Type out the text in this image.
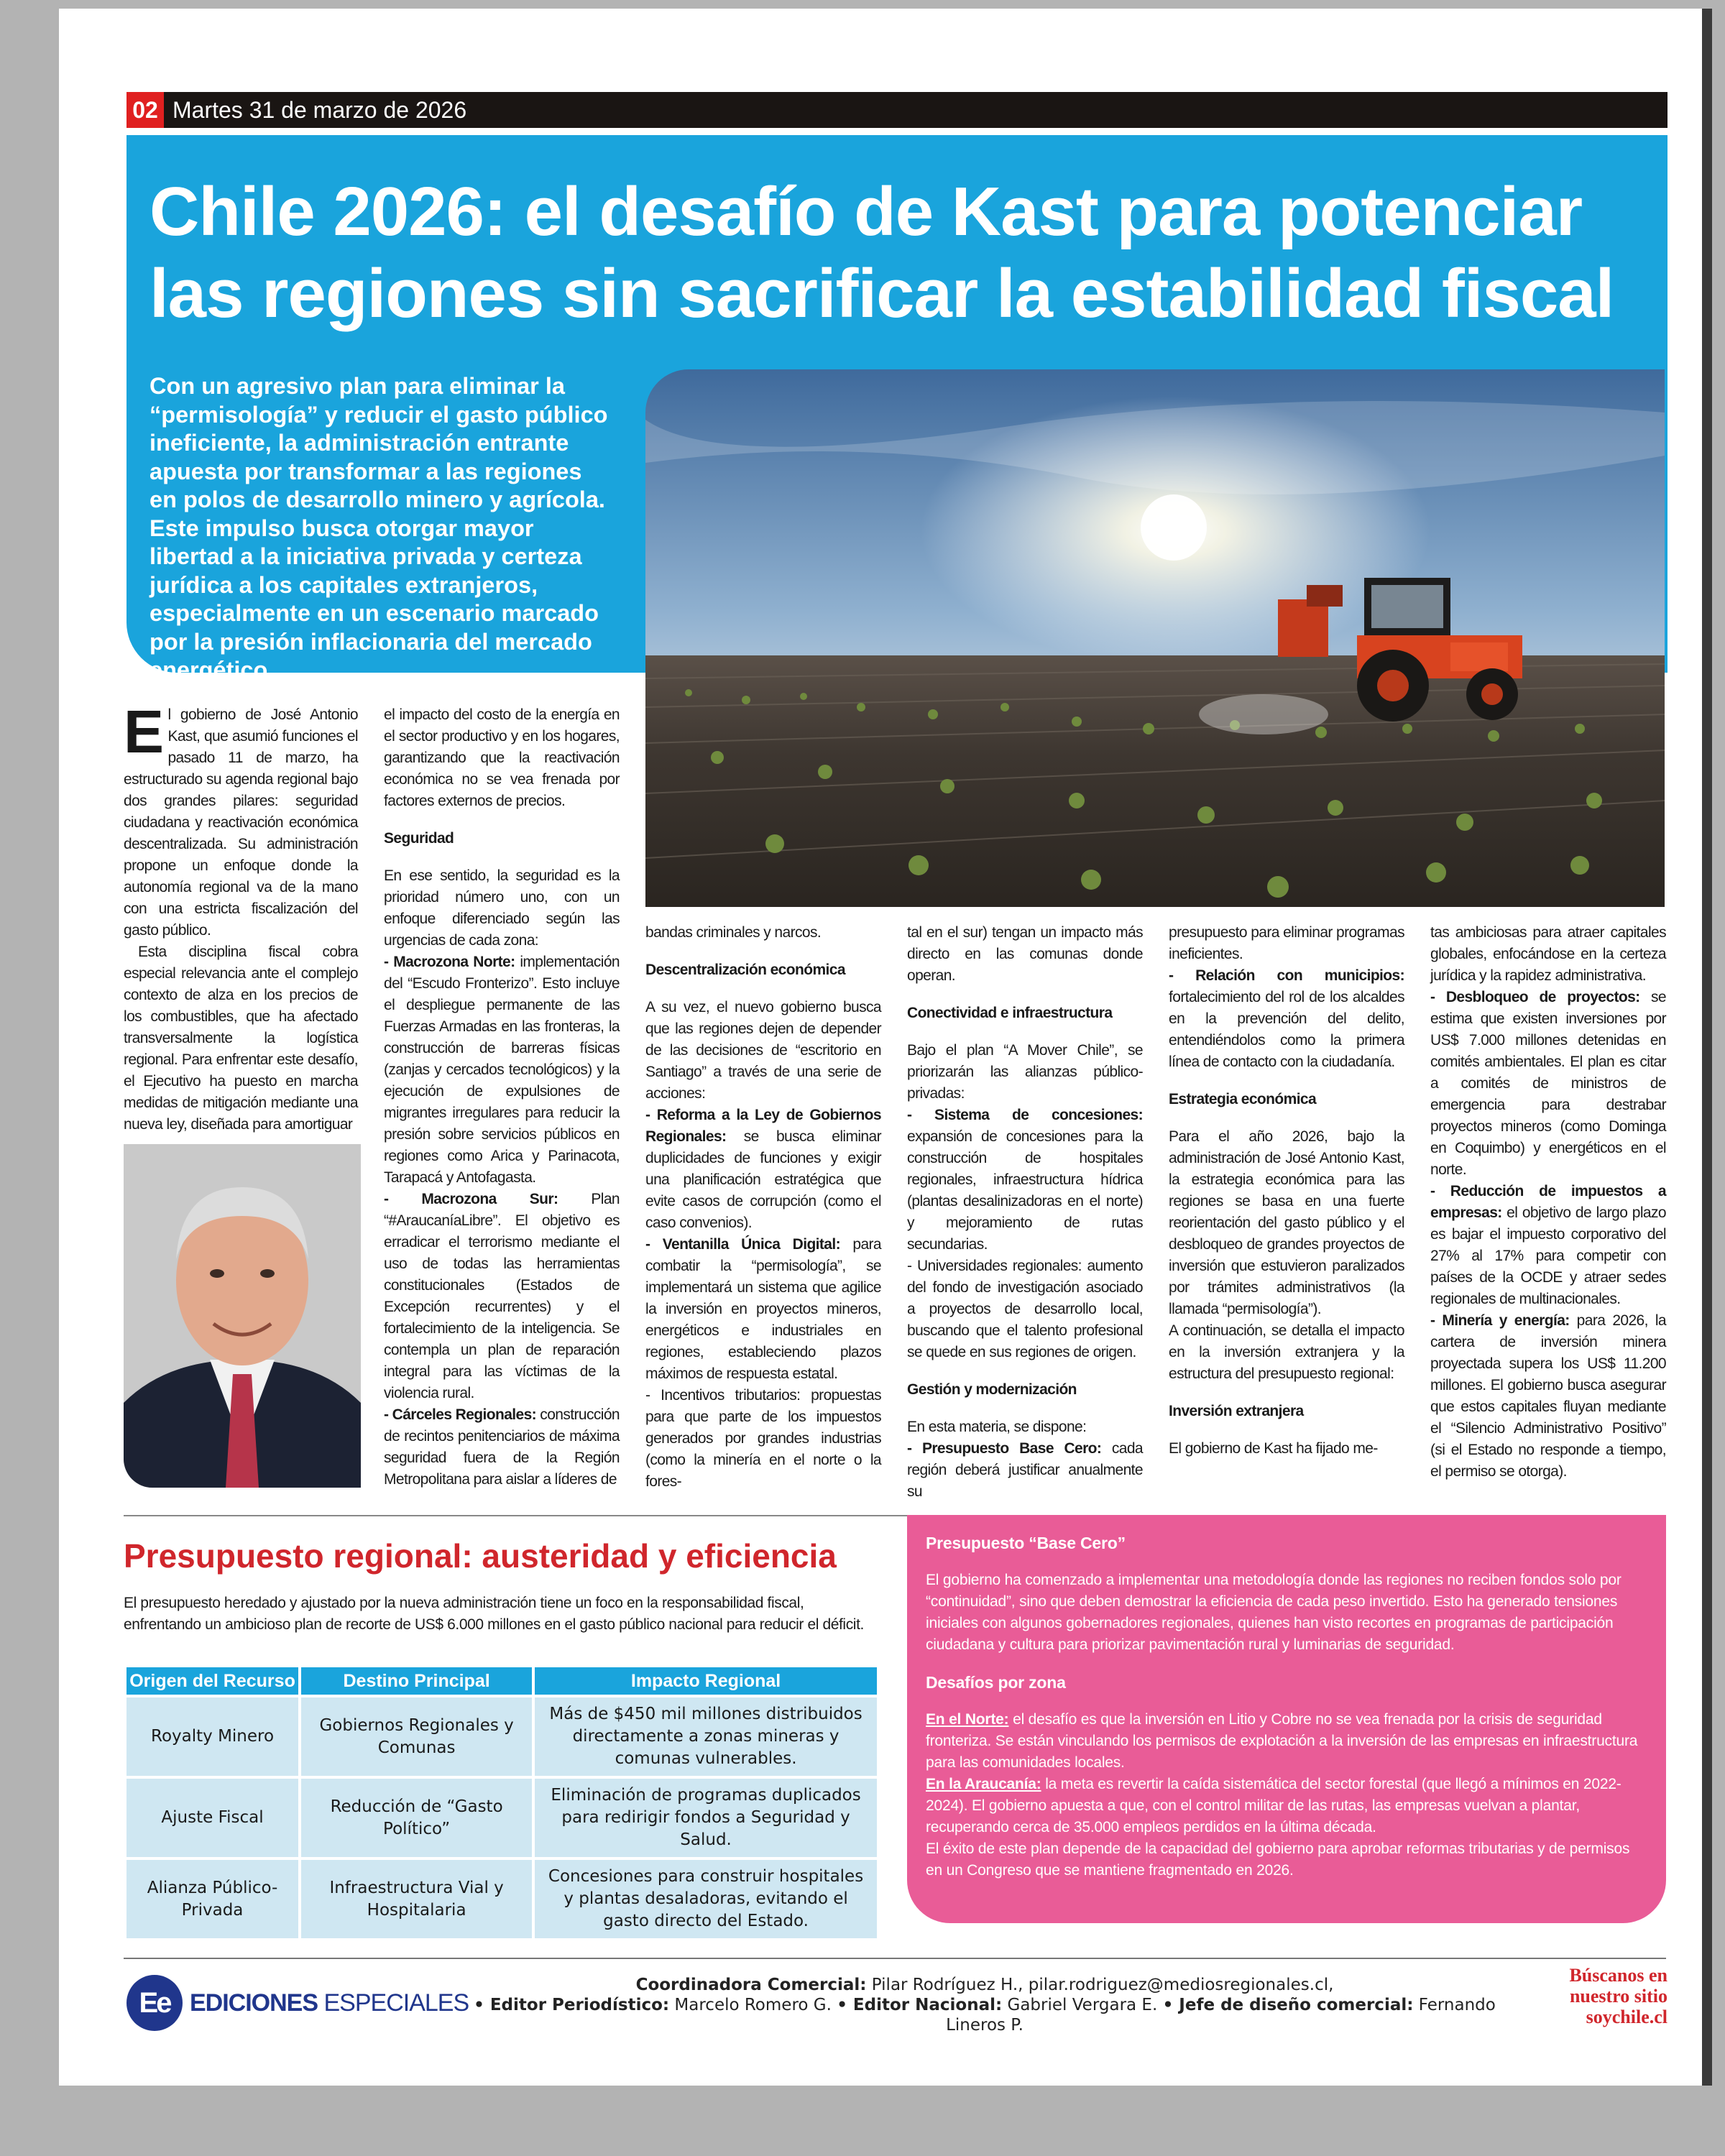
02 Martes 31 de marzo de 2026
Chile 2026: el desafío de Kast para potenciar
las regiones sin sacrificar la estabilidad fiscal

Con un agresivo plan para eliminar la “permisología” y reducir el gasto público ineficiente, la administración entrante apuesta por transformar a las regiones en polos de desarrollo minero y agrícola. Este impulso busca otorgar mayor libertad a la iniciativa privada y certeza jurídica a los capitales extranjeros, especialmente en un escenario marcado por la presión inflacionaria del mercado energético.

El gobierno de José Antonio Kast, que asumió funciones el pasado 11 de marzo, ha estructurado su agenda regional bajo dos grandes pilares: seguridad ciudadana y reactivación económica descentralizada. Su administración propone un enfoque donde la autonomía regional va de la mano con una estricta fiscalización del gasto público.

Esta disciplina fiscal cobra especial relevancia ante el complejo contexto de alza en los precios de los combustibles, que ha afectado transversalmente la logística regional. Para enfrentar este desafío, el Ejecutivo ha puesto en marcha medidas de mitigación mediante una nueva ley, diseñada para amortiguar

el impacto del costo de la energía en el sector productivo y en los hogares, garantizando que la reactivación económica no se vea frenada por factores externos de precios.

Seguridad

En ese sentido, la seguridad es la prioridad número uno, con un enfoque diferenciado según las urgencias de cada zona:

- Macrozona Norte: implementación del “Escudo Fronterizo”. Esto incluye el despliegue permanente de las Fuerzas Armadas en las fronteras, la construcción de barreras físicas (zanjas y cercados tecnológicos) y la ejecución de expulsiones de migrantes irregulares para reducir la presión sobre servicios públicos en regiones como Arica y Parinacota, Tarapacá y Antofagasta.

- Macrozona Sur: Plan “#AraucaníaLibre”. El objetivo es erradicar el terrorismo mediante el uso de todas las herramientas constitucionales (Estados de Excepción recurrentes) y el fortalecimiento de la inteligencia. Se contempla un plan de reparación integral para las víctimas de la violencia rural.

- Cárceles Regionales: construcción de recintos penitenciarios de máxima seguridad fuera de la Región Metropolitana para aislar a líderes de

bandas criminales y narcos.

Descentralización económica

A su vez, el nuevo gobierno busca que las regiones dejen de depender de las decisiones de “escritorio en Santiago” a través de una serie de acciones:

- Reforma a la Ley de Gobiernos Regionales: se busca eliminar duplicidades de funciones y exigir una planificación estratégica que evite casos de corrupción (como el caso convenios).

- Ventanilla Única Digital: para combatir la “permisología”, se implementará un sistema que agilice la inversión en proyectos mineros, energéticos e industriales en regiones, estableciendo plazos máximos de respuesta estatal.

- Incentivos tributarios: propuestas para que parte de los impuestos generados por grandes industrias (como la minería en el norte o la fores-

tal en el sur) tengan un impacto más directo en las comunas donde operan.

Conectividad e infraestructura

Bajo el plan “A Mover Chile”, se priorizarán las alianzas público-privadas:

- Sistema de concesiones: expansión de concesiones para la construcción de hospitales regionales, infraestructura hídrica (plantas desalinizadoras en el norte) y mejoramiento de rutas secundarias.

- Universidades regionales: aumento del fondo de investigación asociado a proyectos de desarrollo local, buscando que el talento profesional se quede en sus regiones de origen.

Gestión y modernización

En esta materia, se dispone:

- Presupuesto Base Cero: cada región deberá justificar anualmente su

presupuesto para eliminar programas ineficientes.

- Relación con municipios: fortalecimiento del rol de los alcaldes en la prevención del delito, entendiéndolos como la primera línea de contacto con la ciudadanía.

Estrategia económica

Para el año 2026, bajo la administración de José Antonio Kast, la estrategia económica para las regiones se basa en una fuerte reorientación del gasto público y el desbloqueo de grandes proyectos de inversión que estuvieron paralizados por trámites administrativos (la llamada “permisología”).

A continuación, se detalla el impacto en la inversión extranjera y la estructura del presupuesto regional:

Inversión extranjera

El gobierno de Kast ha fijado me-

tas ambiciosas para atraer capitales globales, enfocándose en la certeza jurídica y la rapidez administrativa.

- Desbloqueo de proyectos: se estima que existen inversiones por US$ 7.000 millones detenidas en comités ambientales. El plan es citar a comités de ministros de emergencia para destrabar proyectos mineros (como Dominga en Coquimbo) y energéticos en el norte.

- Reducción de impuestos a empresas: el objetivo de largo plazo es bajar el impuesto corporativo del 27% al 17% para competir con países de la OCDE y atraer sedes regionales de multinacionales.

- Minería y energía: para 2026, la cartera de inversión minera proyectada supera los US$ 11.200 millones. El gobierno busca asegurar que estos capitales fluyan mediante el “Silencio Administrativo Positivo” (si el Estado no responde a tiempo, el permiso se otorga).

Presupuesto regional: austeridad y eficiencia

El presupuesto heredado y ajustado por la nueva administración tiene un foco en la responsabilidad fiscal, enfrentando un ambicioso plan de recorte de US$ 6.000 millones en el gasto público nacional para reducir el déficit.

Origen del Recurso	Destino Principal	Impacto Regional
Royalty Minero	Gobiernos Regionales y Comunas	Más de $450 mil millones distribuidos directamente a zonas mineras y comunas vulnerables.
Ajuste Fiscal	Reducción de “Gasto Político”	Eliminación de programas duplicados para redirigir fondos a Seguridad y Salud.
Alianza Público-Privada	Infraestructura Vial y Hospitalaria	Concesiones para construir hospitales y plantas desaladoras, evitando el gasto directo del Estado.

Presupuesto “Base Cero”

El gobierno ha comenzado a implementar una metodología donde las regiones no reciben fondos solo por “continuidad”, sino que deben demostrar la eficiencia de cada peso invertido. Esto ha generado tensiones iniciales con algunos gobernadores regionales, quienes han visto recortes en programas de participación ciudadana y cultura para priorizar pavimentación rural y luminarias de seguridad.

Desafíos por zona

En el Norte: el desafío es que la inversión en Litio y Cobre no se vea frenada por la crisis de seguridad fronteriza. Se están vinculando los permisos de explotación a la inversión de las empresas en infraestructura para las comunidades locales.

En la Araucanía: la meta es revertir la caída sistemática del sector forestal (que llegó a mínimos en 2022-2024). El gobierno apuesta a que, con el control militar de las rutas, las empresas vuelvan a plantar, recuperando cerca de 35.000 empleos perdidos en la última década.

El éxito de este plan depende de la capacidad del gobierno para aprobar reformas tributarias y de permisos en un Congreso que se mantiene fragmentado en 2026.

Ee EDICIONES ESPECIALES
Coordinadora Comercial: Pilar Rodríguez H., pilar.rodriguez@mediosregionales.cl,
• Editor Periodístico: Marcelo Romero G. • Editor Nacional: Gabriel Vergara E. • Jefe de diseño comercial: Fernando Lineros P.
Búscanos en
nuestro sitio
soychile.cl
